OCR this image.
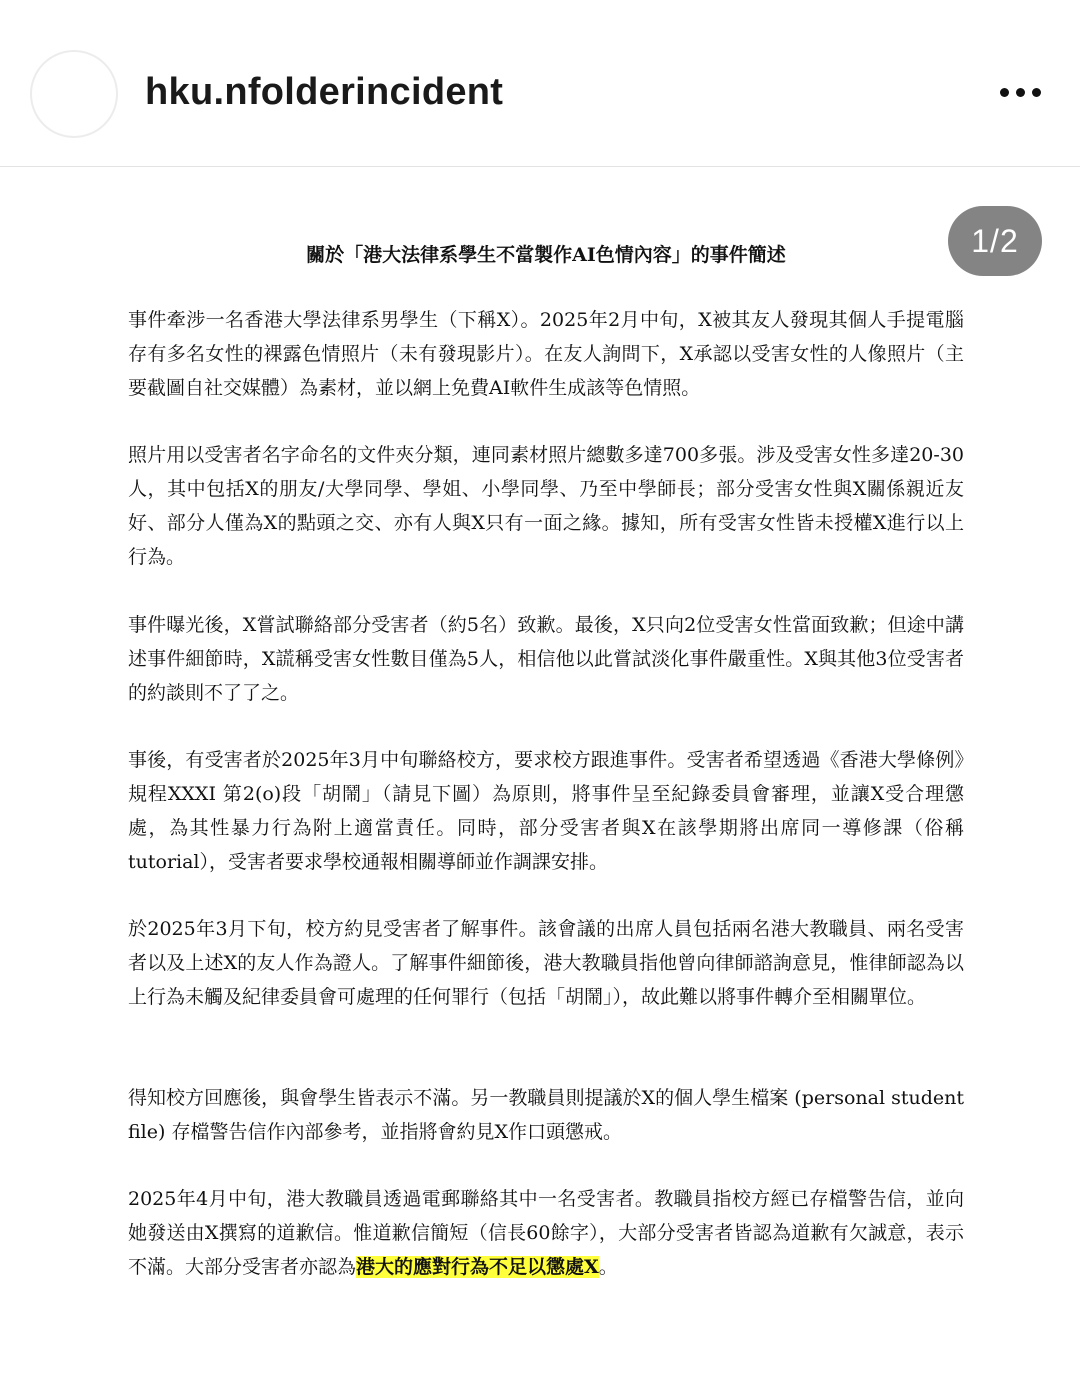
hku.nfolderincident
1/2
關於「港大法律系學生不當製作AI色情內容」的事件簡述

事件牽涉一名香港大學法律系男學生（下稱X）。2025年2月中旬，X被其友人發現其個人手提電腦存有多名女性的裸露色情照片（未有發現影片）。在友人詢問下，X承認以受害女性的人像照片（主要截圖自社交媒體）為素材，並以網上免費AI軟件生成該等色情照。

照片用以受害者名字命名的文件夾分類，連同素材照片總數多達700多張。涉及受害女性多達20-30人，其中包括X的朋友/大學同學、學姐、小學同學、乃至中學師長；部分受害女性與X關係親近友好、部分人僅為X的點頭之交、亦有人與X只有一面之緣。據知，所有受害女性皆未授權X進行以上行為。

事件曝光後，X嘗試聯絡部分受害者（約5名）致歉。最後，X只向2位受害女性當面致歉；但途中講述事件細節時，X謊稱受害女性數目僅為5人，相信他以此嘗試淡化事件嚴重性。X與其他3位受害者的約談則不了了之。

事後，有受害者於2025年3月中旬聯絡校方，要求校方跟進事件。受害者希望透過《香港大學條例》規程XXXI 第2(o)段「胡鬧」（請見下圖）為原則，將事件呈至紀錄委員會審理，並讓X受合理懲處，為其性暴力行為附上適當責任。同時，部分受害者與X在該學期將出席同一導修課（俗稱tutorial），受害者要求學校通報相關導師並作調課安排。

於2025年3月下旬，校方約見受害者了解事件。該會議的出席人員包括兩名港大教職員、兩名受害者以及上述X的友人作為證人。了解事件細節後，港大教職員指他曾向律師諮詢意見，惟律師認為以上行為未觸及紀律委員會可處理的任何罪行（包括「胡鬧」），故此難以將事件轉介至相關單位。

得知校方回應後，與會學生皆表示不滿。另一教職員則提議於X的個人學生檔案 (personal student file) 存檔警告信作內部參考，並指將會約見X作口頭懲戒。

2025年4月中旬，港大教職員透過電郵聯絡其中一名受害者。教職員指校方經已存檔警告信，並向她發送由X撰寫的道歉信。惟道歉信簡短（信長60餘字），大部分受害者皆認為道歉有欠誠意，表示不滿。大部分受害者亦認為港大的應對行為不足以懲處X。
